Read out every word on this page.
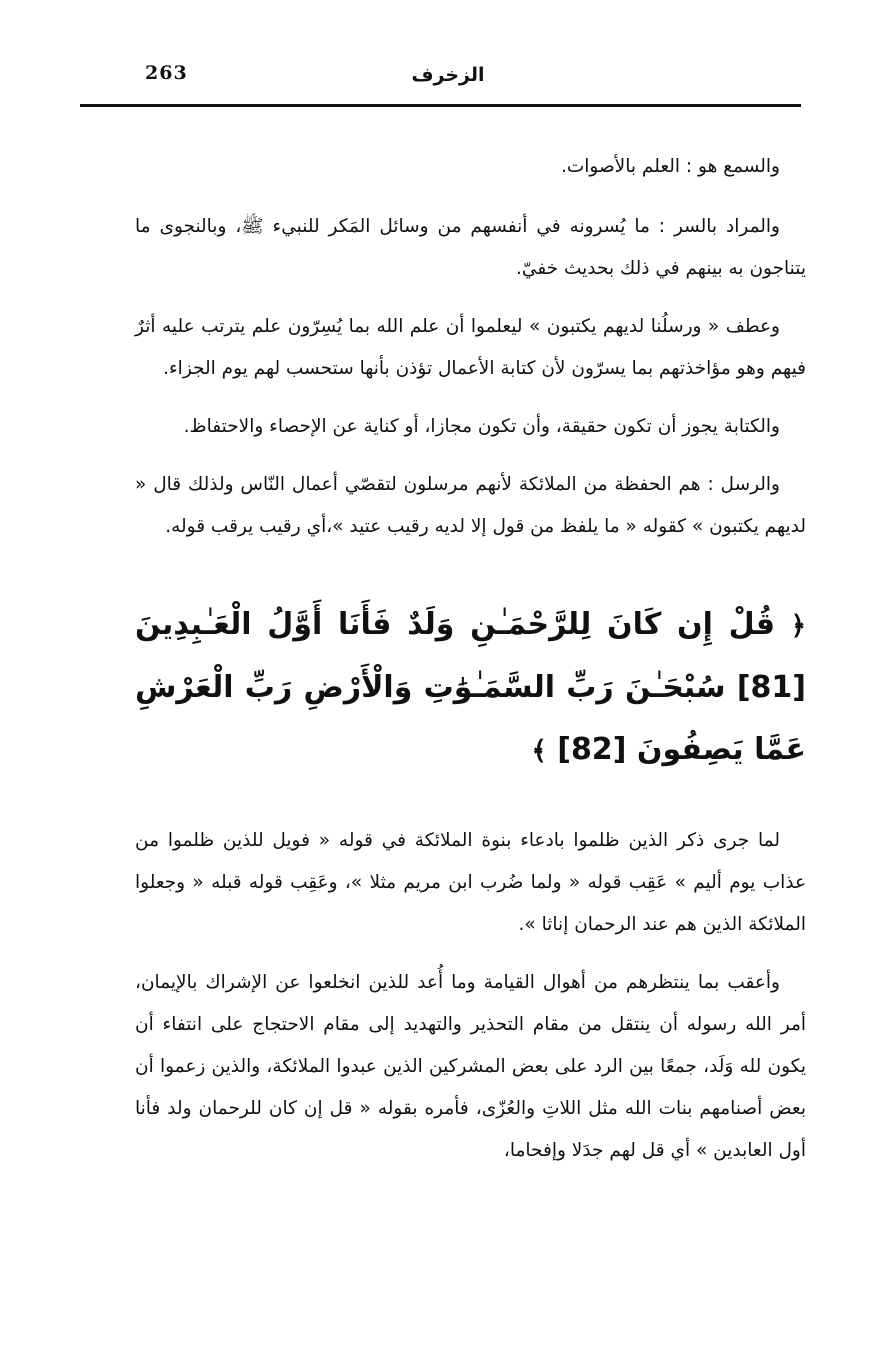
263	الزخرف

والسمع هو : العلم بالأصوات.

والمراد بالسر : ما يُسرونه في أنفسهم من وسائل المَكر للنبيء ﷺ، وبالنجوى ما يتناجون به بينهم في ذلك بحديث خفيّ.

وعطف « ورسلُنا لديهم يكتبون » ليعلموا أن علم الله بما يُسِرّون علم يترتب عليه أثرٌ فيهم وهو مؤاخذتهم بما يسرّون لأن كتابة الأعمال تؤذن بأنها ستحسب لهم يوم الجزاء.

والكتابة يجوز أن تكون حقيقة، وأن تكون مجازا، أو كناية عن الإحصاء والاحتفاظ.

والرسل : هم الحفظة من الملائكة لأنهم مرسلون لتقصّي أعمال النّاس ولذلك قال « لديهم يكتبون » كقوله « ما يلفظ من قول إلا لديه رقيب عتيد »،أي رقيب يرقب قوله.

﴿ قُلْ إِن كَانَ لِلرَّحْمَـٰنِ وَلَدٌ فَأَنَا أَوَّلُ الْعَـٰبِدِينَ [81] سُبْحَـٰنَ رَبِّ السَّمَـٰوَٰتِ وَالْأَرْضِ رَبِّ الْعَرْشِ عَمَّا يَصِفُونَ [82] ﴾

لما جرى ذكر الذين ظلموا بادعاء بنوة الملائكة في قوله « فويل للذين ظلموا من عذاب يوم أليم » عَقِب قوله « ولما ضُرب ابن مريم مثلا »، وعَقِب قوله قبله « وجعلوا الملائكة الذين هم عند الرحمان إناثا ».

وأعقب بما ينتظرهم من أهوال القيامة وما أُعد للذين انخلعوا عن الإشراك بالإيمان، أمر الله رسوله أن ينتقل من مقام التحذير والتهديد إلى مقام الاحتجاج على انتفاء أن يكون لله وَلَد، جمعًا بين الرد على بعض المشركين الذين عبدوا الملائكة، والذين زعموا أن بعض أصنامهم بنات الله مثل اللاتِ والعُزّى، فأمره بقوله « قل إن كان للرحمان ولد فأنا أول العابدين » أي قل لهم جدَلا وإفحاما،
